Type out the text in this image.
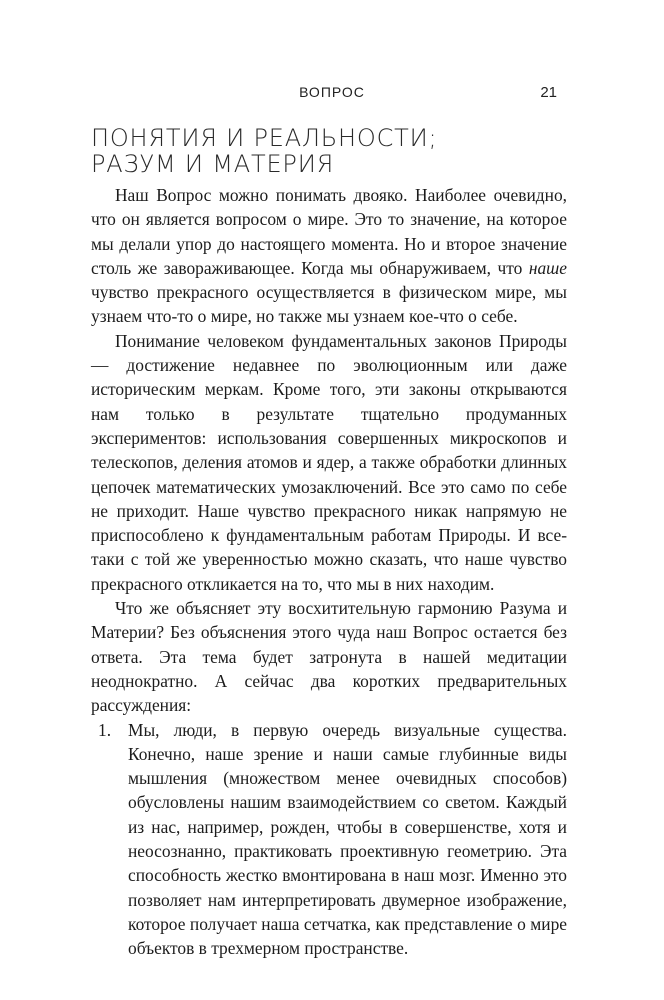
ВОПРОС	21
ПОНЯТИЯ И РЕАЛЬНОСТИ;
РАЗУМ И МАТЕРИЯ

Наш Вопрос можно понимать двояко. Наиболее очевидно, что он является вопросом о мире. Это то значение, на которое мы делали упор до настоящего момента. Но и второе значение столь же завораживающее. Когда мы обнаруживаем, что наше чувство прекрасного осуществляется в физическом мире, мы узнаем что-то о мире, но также мы узнаем кое-что о себе.

Понимание человеком фундаментальных законов Природы — достижение недавнее по эволюционным или даже историческим меркам. Кроме того, эти законы открываются нам только в результате тщательно продуманных экспериментов: использования совершенных микроскопов и телескопов, деления атомов и ядер, а также обработки длинных цепочек математических умозаключений. Все это само по себе не приходит. Наше чувство прекрасного никак напрямую не приспособлено к фундаментальным работам Природы. И все-таки с той же уверенностью можно сказать, что наше чувство прекрасного откликается на то, что мы в них находим.

Что же объясняет эту восхитительную гармонию Разума и Материи? Без объяснения этого чуда наш Вопрос остается без ответа. Эта тема будет затронута в нашей медитации неоднократно. А сейчас два коротких предварительных рассуждения:

1. Мы, люди, в первую очередь визуальные существа. Конечно, наше зрение и наши самые глубинные виды мышления (множеством менее очевидных способов) обусловлены нашим взаимодействием со светом. Каждый из нас, например, рожден, чтобы в совершенстве, хотя и неосознанно, практиковать проективную геометрию. Эта способность жестко вмонтирована в наш мозг. Именно это позволяет нам интерпретировать двумерное изображение, которое получает наша сетчатка, как представление о мире объектов в трехмерном пространстве.
